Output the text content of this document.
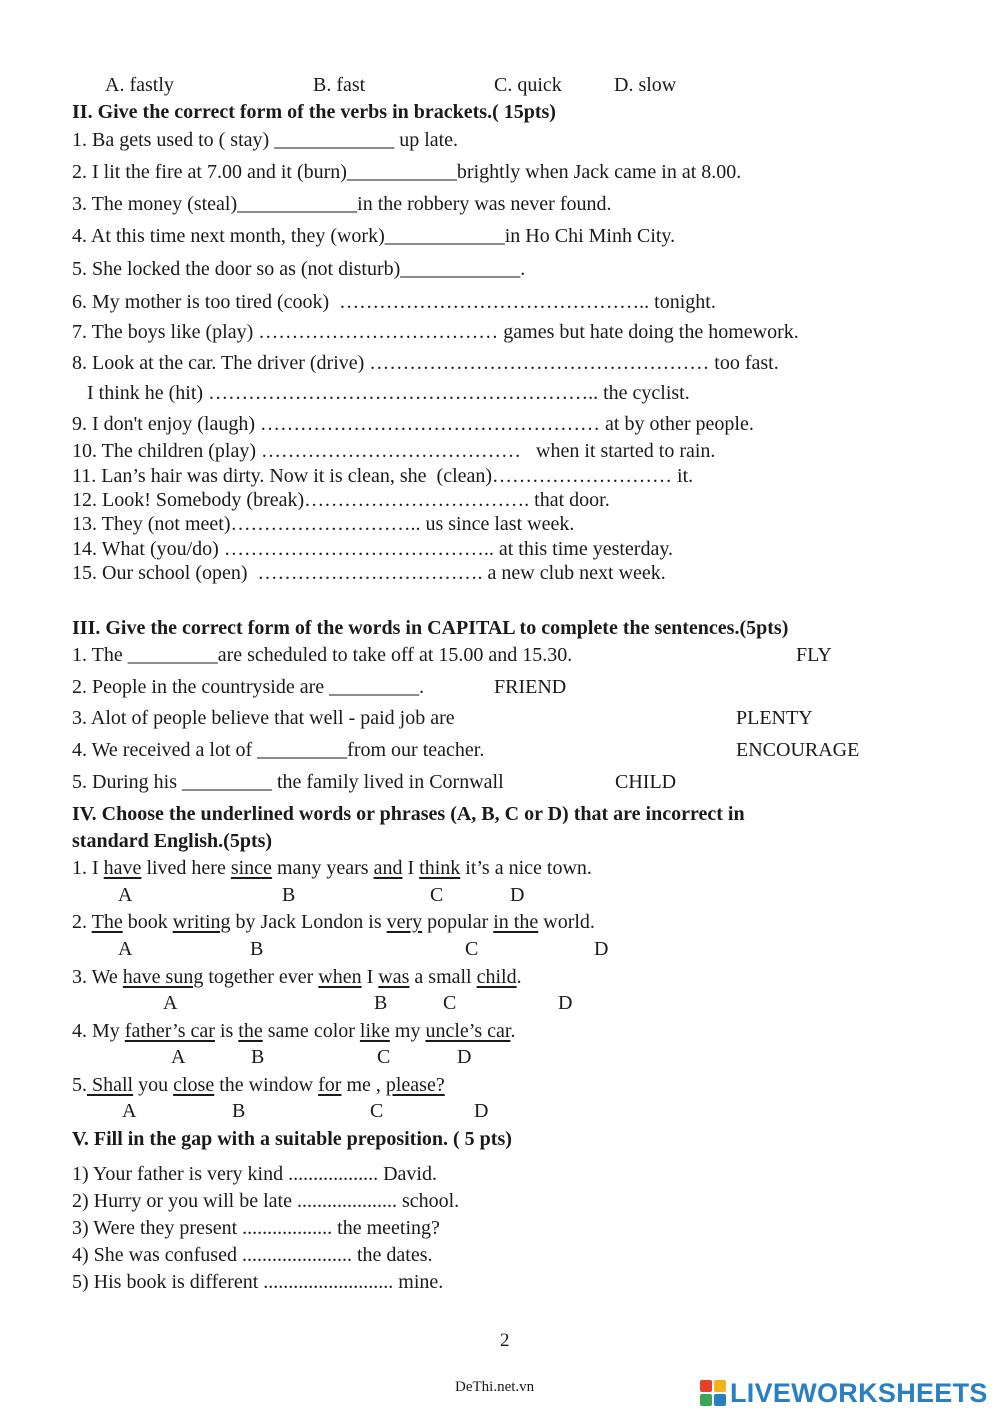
A. fastly	B. fast	C. quick	D. slow
II. Give the correct form of the verbs in brackets.( 15pts)
1. Ba gets used to ( stay) ____________ up late.
2. I lit the fire at 7.00 and it (burn)___________brightly when Jack came in at 8.00.
3. The money (steal)____________in the robbery was never found.
4. At this time next month, they (work)____________in Ho Chi Minh City.
5. She locked the door so as (not disturb)____________.
6. My mother is too tired (cook)  ……………………………………….. tonight.
7. The boys like (play) ……………………………… games but hate doing the homework.
8. Look at the car. The driver (drive) …………………………………………… too fast.
I think he (hit) ………………………………………………….. the cyclist.
9. I don't enjoy (laugh) …………………………………………… at by other people.
10. The children (play) …………………………………   when it started to rain.
11. Lan’s hair was dirty. Now it is clean, she  (clean)……………………… it.
12. Look! Somebody (break)……………………………. that door.
13. They (not meet)……………………….. us since last week.
14. What (you/do) ………………………………….. at this time yesterday.
15. Our school (open)  ……………………………. a new club next week.
III. Give the correct form of the words in CAPITAL to complete the sentences.(5pts)
1. The _________are scheduled to take off at 15.00 and 15.30.	FLY
2. People in the countryside are _________.	FRIEND
3. Alot of people believe that well - paid job are	PLENTY
4. We received a lot of _________from our teacher.	ENCOURAGE
5. During his _________ the family lived in Cornwall	CHILD
IV. Choose the underlined words or phrases (A, B, C or D) that are incorrect in
standard English.(5pts)
1. I have lived here since many years and I think it’s a nice town.
A	B	C	D
2. The book writing by Jack London is very popular in the world.
A	B	C	D
3. We have sung together ever when I was a small child.
A	B	C	D
4. My father’s car is the same color like my uncle’s car.
A	B	C	D
5. Shall you close the window for me , please?
A	B	C	D
V. Fill in the gap with a suitable preposition. ( 5 pts)
1) Your father is very kind .................. David.
2) Hurry or you will be late .................... school.
3) Were they present .................. the meeting?
4) She was confused ...................... the dates.
5) His book is different .......................... mine.
2
DeThi.net.vn	LIVEWORKSHEETS
